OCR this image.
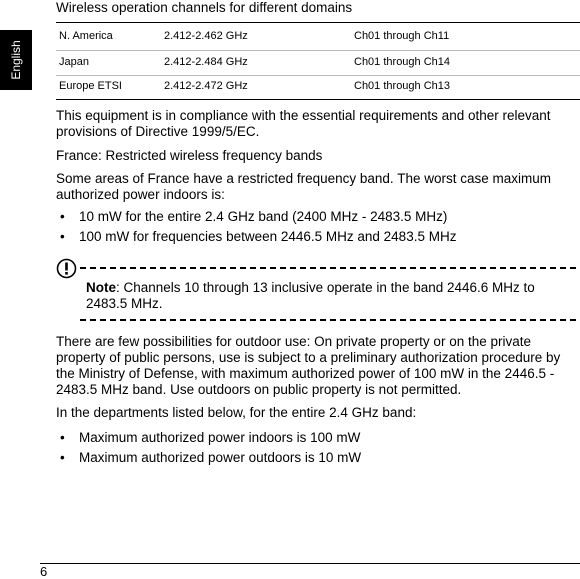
English
Wireless operation channels for different domains
N. America	2.412-2.462 GHz	Ch01 through Ch11
Japan	2.412-2.484 GHz	Ch01 through Ch14
Europe ETSI	2.412-2.472 GHz	Ch01 through Ch13
This equipment is in compliance with the essential requirements and other relevant provisions of Directive 1999/5/EC.
France: Restricted wireless frequency bands
Some areas of France have a restricted frequency band. The worst case maximum authorized power indoors is:
• 10 mW for the entire 2.4 GHz band (2400 MHz - 2483.5 MHz)
• 100 mW for frequencies between 2446.5 MHz and 2483.5 MHz
Note: Channels 10 through 13 inclusive operate in the band 2446.6 MHz to 2483.5 MHz.
There are few possibilities for outdoor use: On private property or on the private property of public persons, use is subject to a preliminary authorization procedure by the Ministry of Defense, with maximum authorized power of 100 mW in the 2446.5 - 2483.5 MHz band. Use outdoors on public property is not permitted.
In the departments listed below, for the entire 2.4 GHz band:
• Maximum authorized power indoors is 100 mW
• Maximum authorized power outdoors is 10 mW
6
